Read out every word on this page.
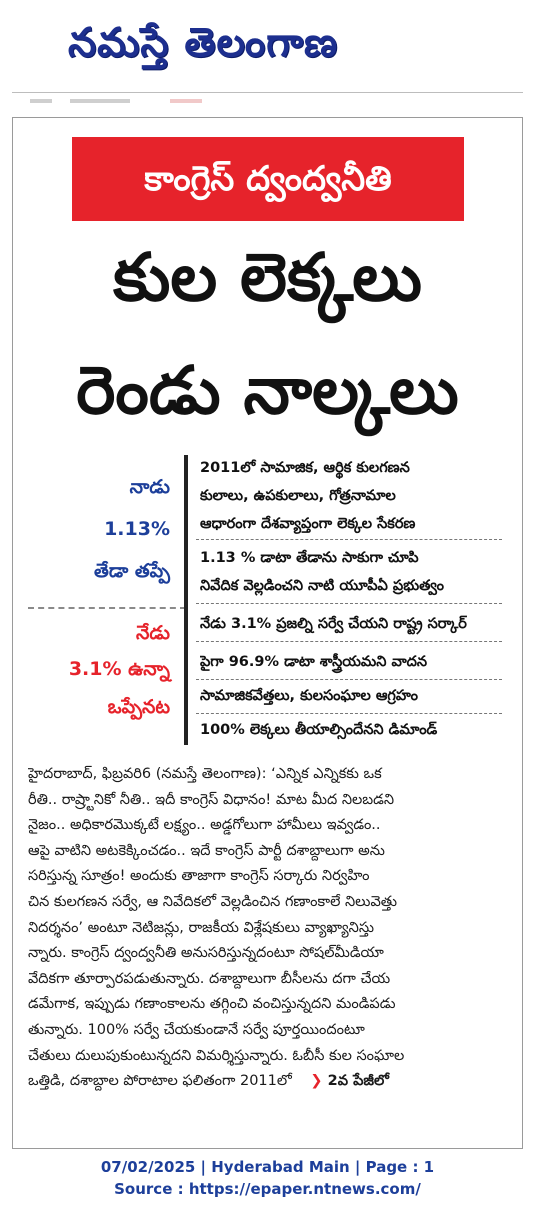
నమస్తే తెలంగాణ
కాంగ్రెస్‌ ద్వంద్వనీతి
కుల లెక్కలు
రెండు నాల్కలు
నాడు
1.13%
తేడా తప్పే
నేడు
3.1% ఉన్నా
ఒప్పేనట
2011లో సామాజిక, ఆర్థిక కులగణన
కులాలు, ఉపకులాలు, గోత్రనామాల
ఆధారంగా దేశవ్యాప్తంగా లెక్కల సేకరణ
1.13 % డాటా తేడాను సాకుగా చూపి
నివేదిక వెల్లడించని నాటి యూపీఏ ప్రభుత్వం
నేడు 3.1% ప్రజల్ని సర్వే చేయని రాష్ట్ర సర్కార్‌
పైగా 96.9% డాటా శాస్త్రీయమని వాదన
సామాజికవేత్తలు, కులసంఘాల ఆగ్రహం
100% లెక్కలు తీయాల్సిందేనని డిమాండ్‌
హైదరాబాద్‌, ఫిబ్రవరి6 (నమస్తే తెలంగాణ): ‘ఎన్నిక ఎన్నికకు ఒక
రీతి.. రాష్ర్టానికో నీతి.. ఇదీ కాంగ్రెస్‌ విధానం! మాట మీద నిలబడని
నైజం.. అధికారమొక్కటే లక్ష్యం.. అడ్డగోలుగా హామీలు ఇవ్వడం..
ఆపై వాటిని అటకెక్కించడం.. ఇదే కాంగ్రెస్‌ పార్టీ దశాబ్దాలుగా అను
సరిస్తున్న సూత్రం! అందుకు తాజాగా కాంగ్రెస్‌ సర్కారు నిర్వహిం
చిన కులగణన సర్వే, ఆ నివేదికలో వెల్లడించిన గణాంకాలే నిలువెత్తు
నిదర్శనం’ అంటూ నెటిజన్లు, రాజకీయ విశ్లేషకులు వ్యాఖ్యానిస్తు
న్నారు. కాంగ్రెస్‌ ద్వంద్వనీతి అనుసరిస్తున్నదంటూ సోషల్‌మీడియా
వేదికగా తూర్పారపడుతున్నారు. దశాబ్దాలుగా బీసీలను దగా చేయ
డమేగాక, ఇప్పుడు గణాంకాలను తగ్గించి వంచిస్తున్నదని మండిపడు
తున్నారు. 100% సర్వే చేయకుండానే సర్వే పూర్తయిందంటూ
చేతులు దులుపుకుంటున్నదని విమర్శిస్తున్నారు. ఓబీసీ కుల సంఘాల
ఒత్తిడి, దశాబ్దాల పోరాటాల ఫలితంగా 2011లో ❯ 2వ పేజీలో
07/02/2025 | Hyderabad Main | Page : 1
Source : https://epaper.ntnews.com/
